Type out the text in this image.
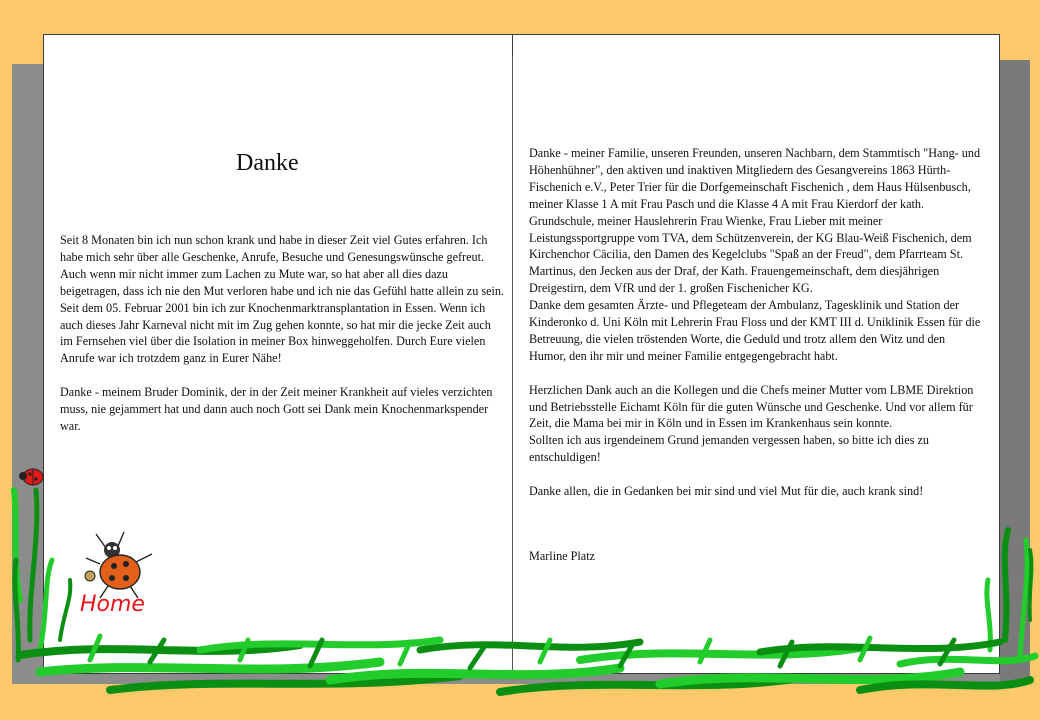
Danke

Seit 8 Monaten bin ich nun schon krank und habe in dieser Zeit viel Gutes erfahren. Ich habe mich sehr über alle Geschenke, Anrufe, Besuche und Genesungswünsche gefreut. Auch wenn mir nicht immer zum Lachen zu Mute war, so hat aber all dies dazu beigetragen, dass ich nie den Mut verloren habe und ich nie das Gefühl hatte allein zu sein.
Seit dem 05. Februar 2001 bin ich zur Knochenmarktransplantation in Essen. Wenn ich auch dieses Jahr Karneval nicht mit im Zug gehen konnte, so hat mir die jecke Zeit auch im Fernsehen viel über die Isolation in meiner Box hinweggeholfen. Durch Eure vielen Anrufe war ich trotzdem ganz in Eurer Nähe!

Danke - meinem Bruder Dominik, der in der Zeit meiner Krankheit auf vieles verzichten muss, nie gejammert hat und dann auch noch Gott sei Dank mein Knochenmarkspender war.

Danke - meiner Familie, unseren Freunden, unseren Nachbarn, dem Stammtisch "Hang- und Höhenhühner", den aktiven und inaktiven Mitgliedern des Gesangvereins 1863 Hürth-Fischenich e.V., Peter Trier für die Dorfgemeinschaft Fischenich , dem Haus Hülsenbusch, meiner Klasse 1 A mit Frau Pasch und die Klasse 4 A mit Frau Kierdorf der kath. Grundschule, meiner Hauslehrerin Frau Wienke, Frau Lieber mit meiner Leistungssportgruppe vom TVA, dem Schützenverein, der KG Blau-Weiß Fischenich, dem Kirchenchor Cäcilia, den Damen des Kegelclubs "Spaß an der Freud", dem Pfarrteam St. Martinus, den Jecken aus der Draf, der Kath. Frauengemeinschaft, dem diesjährigen Dreigestirn, dem VfR und der 1. großen Fischenicher KG.
Danke dem gesamten Ärzte- und Pflegeteam der Ambulanz, Tagesklinik und Station der Kinderonko d. Uni Köln mit Lehrerin Frau Floss und der KMT III d. Uniklinik Essen für die Betreuung, die vielen tröstenden Worte, die Geduld und trotz allem den Witz und den Humor, den ihr mir und meiner Familie entgegengebracht habt.

Herzlichen Dank auch an die Kollegen und die Chefs meiner Mutter vom LBME Direktion und Betriebsstelle Eichamt Köln für die guten Wünsche und Geschenke. Und vor allem für Zeit, die Mama bei mir in Köln und in Essen im Krankenhaus sein konnte.
Sollten ich aus irgendeinem Grund jemanden vergessen haben, so bitte ich dies zu entschuldigen!

Danke allen, die in Gedanken bei mir sind und viel Mut für die, auch krank sind!

Marline Platz
Home
